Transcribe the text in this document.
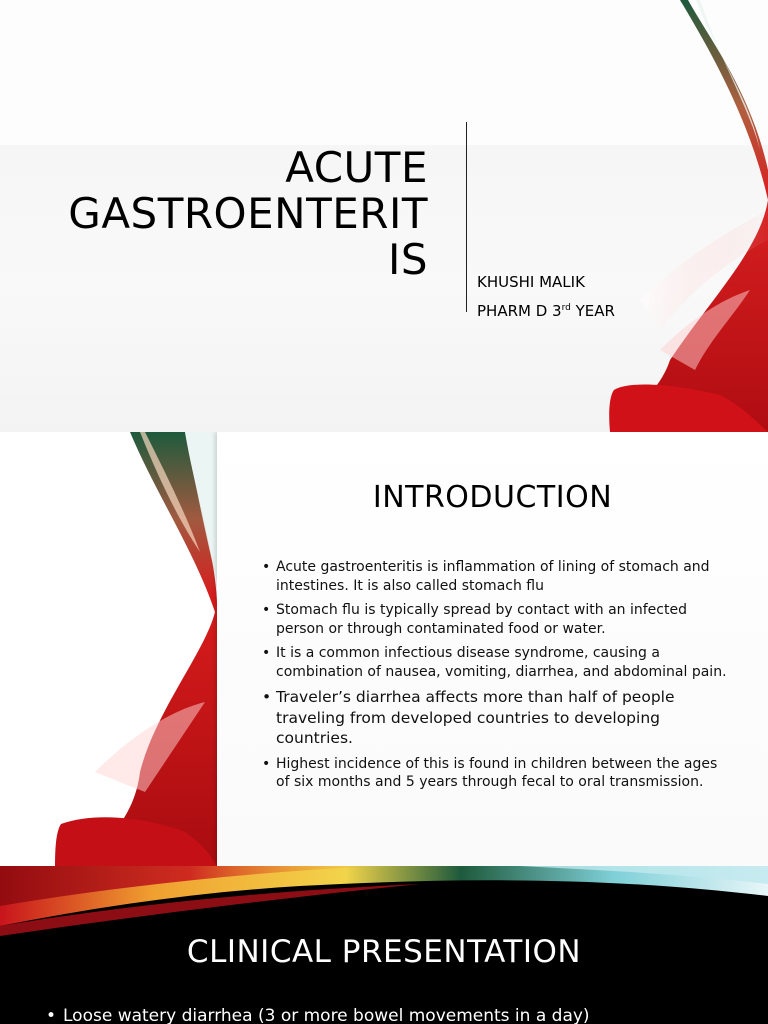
ACUTE
GASTROENTERIT
IS	KHUSHI MALIK
PHARM D 3rd YEAR
INTRODUCTION
• Acute gastroenteritis is inflammation of lining of stomach and intestines. It is also called stomach flu
• Stomach flu is typically spread by contact with an infected person or through contaminated food or water.
• It is a common infectious disease syndrome, causing a combination of nausea, vomiting, diarrhea, and abdominal pain.
• Traveler’s diarrhea affects more than half of people traveling from developed countries to developing countries.
• Highest incidence of this is found in children between the ages of six months and 5 years through fecal to oral transmission.
CLINICAL PRESENTATION
• Loose watery diarrhea (3 or more bowel movements in a day)
